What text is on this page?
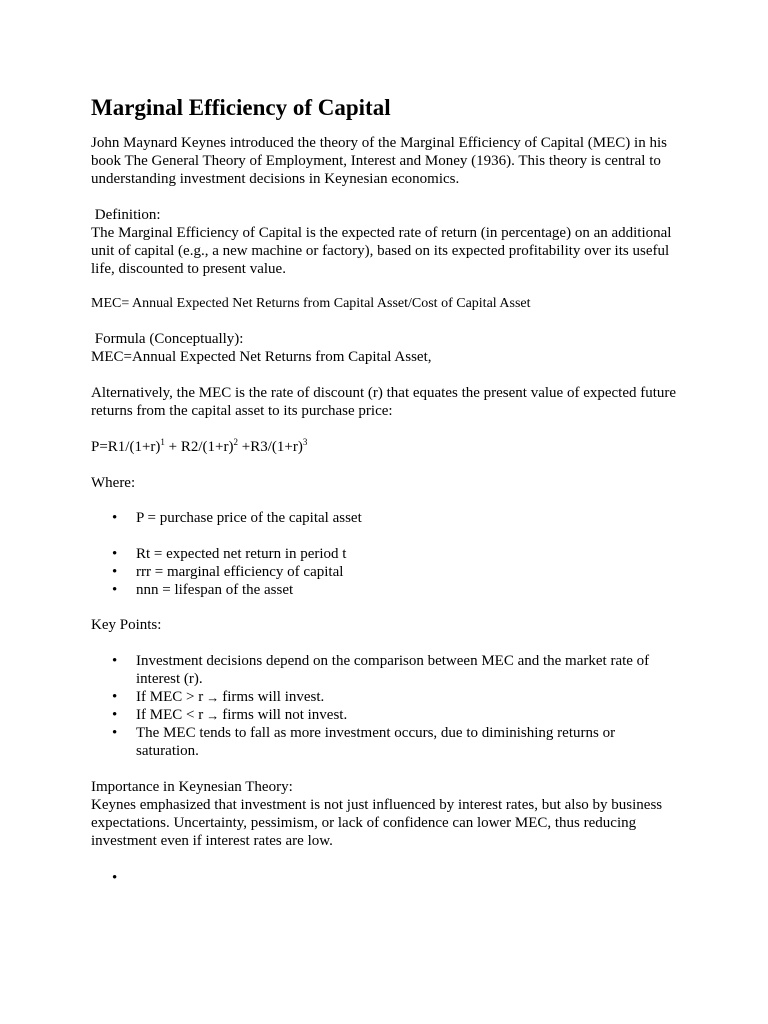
Marginal Efficiency of Capital

John Maynard Keynes introduced the theory of the Marginal Efficiency of Capital (MEC) in his book The General Theory of Employment, Interest and Money (1936). This theory is central to understanding investment decisions in Keynesian economics.

Definition:

The Marginal Efficiency of Capital is the expected rate of return (in percentage) on an additional unit of capital (e.g., a new machine or factory), based on its expected profitability over its useful life, discounted to present value.

MEC= Annual Expected Net Returns from Capital Asset/Cost of Capital Asset

Formula (Conceptually):

MEC=Annual Expected Net Returns from Capital Asset,

Alternatively, the MEC is the rate of discount (r) that equates the present value of expected future returns from the capital asset to its purchase price:

$P=R1/(1+r)^1 + R2/(1+r)^2 +R3/(1+r)^3$

Where:

• P = purchase price of the capital asset
• Rt = expected net return in period t
• rrr = marginal efficiency of capital
• nnn = lifespan of the asset

Key Points:

• Investment decisions depend on the comparison between MEC and the market rate of interest (r).
• If MEC > r → firms will invest.
• If MEC < r → firms will not invest.
• The MEC tends to fall as more investment occurs, due to diminishing returns or saturation.

Importance in Keynesian Theory:

Keynes emphasized that investment is not just influenced by interest rates, but also by business expectations. Uncertainty, pessimism, or lack of confidence can lower MEC, thus reducing investment even if interest rates are low.

•
